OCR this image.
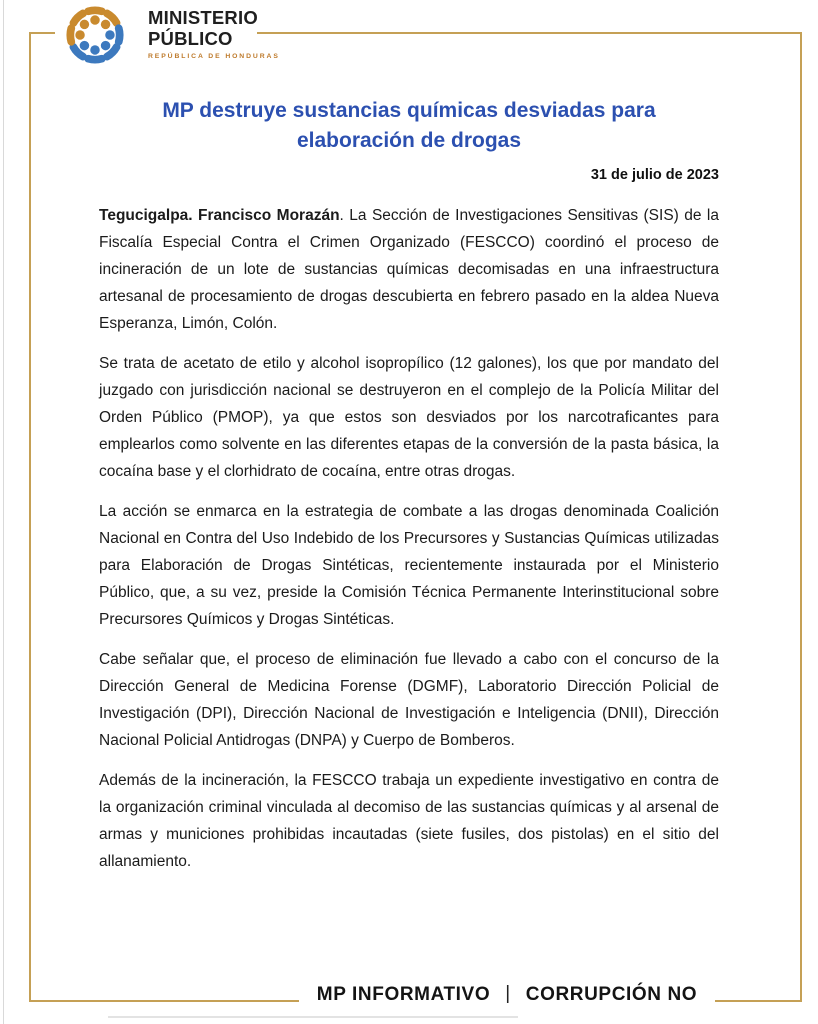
MINISTERIO
PÚBLICO
REPÚBLICA DE HONDURAS
MP destruye sustancias químicas desviadas para
elaboración de drogas
31 de julio de 2023

Tegucigalpa. Francisco Morazán. La Sección de Investigaciones Sensitivas (SIS) de la Fiscalía Especial Contra el Crimen Organizado (FESCCO) coordinó el proceso de incineración de un lote de sustancias químicas decomisadas en una infraestructura artesanal de procesamiento de drogas descubierta en febrero pasado en la aldea Nueva Esperanza, Limón, Colón.

Se trata de acetato de etilo y alcohol isopropílico (12 galones), los que por mandato del juzgado con jurisdicción nacional se destruyeron en el complejo de la Policía Militar del Orden Público (PMOP), ya que estos son desviados por los narcotraficantes para emplearlos como solvente en las diferentes etapas de la conversión de la pasta básica, la cocaína base y el clorhidrato de cocaína, entre otras drogas.

La acción se enmarca en la estrategia de combate a las drogas denominada Coalición Nacional en Contra del Uso Indebido de los Precursores y Sustancias Químicas utilizadas para Elaboración de Drogas Sintéticas, recientemente instaurada por el Ministerio Público, que, a su vez, preside la Comisión Técnica Permanente Interinstitucional sobre Precursores Químicos y Drogas Sintéticas.

Cabe señalar que, el proceso de eliminación fue llevado a cabo con el concurso de la Dirección General de Medicina Forense (DGMF), Laboratorio Dirección Policial de Investigación (DPI), Dirección Nacional de Investigación e Inteligencia (DNII), Dirección Nacional Policial Antidrogas (DNPA) y Cuerpo de Bomberos.

Además de la incineración, la FESCCO trabaja un expediente investigativo en contra de la organización criminal vinculada al decomiso de las sustancias químicas y al arsenal de armas y municiones prohibidas incautadas (siete fusiles, dos pistolas) en el sitio del allanamiento.

MP INFORMATIVO | CORRUPCIÓN NO
